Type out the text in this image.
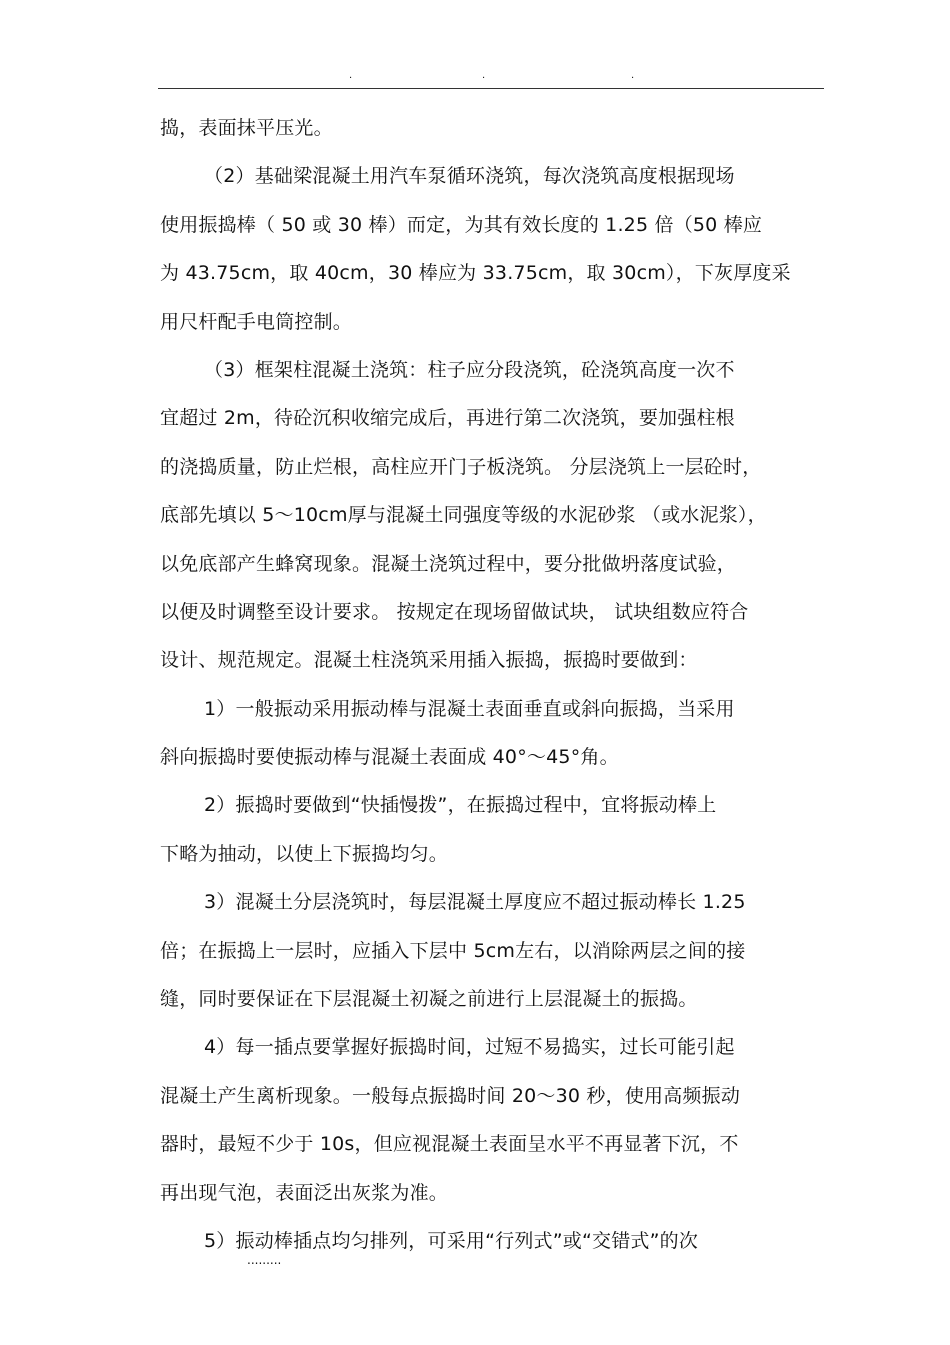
.	.	.
捣，表面抹平压光。
（2）基础梁混凝土用汽车泵循环浇筑，每次浇筑高度根据现场
使用振捣棒（ 50 或 30 棒）而定，为其有效长度的 1.25 倍（50 棒应
为 43.75cm，取 40cm，30 棒应为 33.75cm，取 30cm），下灰厚度采
用尺杆配手电筒控制。
（3）框架柱混凝土浇筑：柱子应分段浇筑，砼浇筑高度一次不
宜超过 2m，待砼沉积收缩完成后，再进行第二次浇筑，要加强柱根
的浇捣质量，防止烂根，高柱应开门子板浇筑。 分层浇筑上一层砼时，
底部先填以 5～10cm厚与混凝土同强度等级的水泥砂浆 （或水泥浆），
以免底部产生蜂窝现象。混凝土浇筑过程中，要分批做坍落度试验，
以便及时调整至设计要求。 按规定在现场留做试块， 试块组数应符合
设计、规范规定。混凝土柱浇筑采用插入振捣，振捣时要做到：
1）一般振动采用振动棒与混凝土表面垂直或斜向振捣，当采用
斜向振捣时要使振动棒与混凝土表面成 40°～45°角。
2）振捣时要做到“快插慢拨”，在振捣过程中，宜将振动棒上
下略为抽动，以使上下振捣均匀。
3）混凝土分层浇筑时，每层混凝土厚度应不超过振动棒长 1.25
倍；在振捣上一层时，应插入下层中 5cm左右，以消除两层之间的接
缝，同时要保证在下层混凝土初凝之前进行上层混凝土的振捣。
4）每一插点要掌握好振捣时间，过短不易捣实，过长可能引起
混凝土产生离析现象。一般每点振捣时间 20～30 秒，使用高频振动
器时，最短不少于 10s，但应视混凝土表面呈水平不再显著下沉，不
再出现气泡，表面泛出灰浆为准。
5）振动棒插点均匀排列，可采用“行列式”或“交错式”的次
.........
